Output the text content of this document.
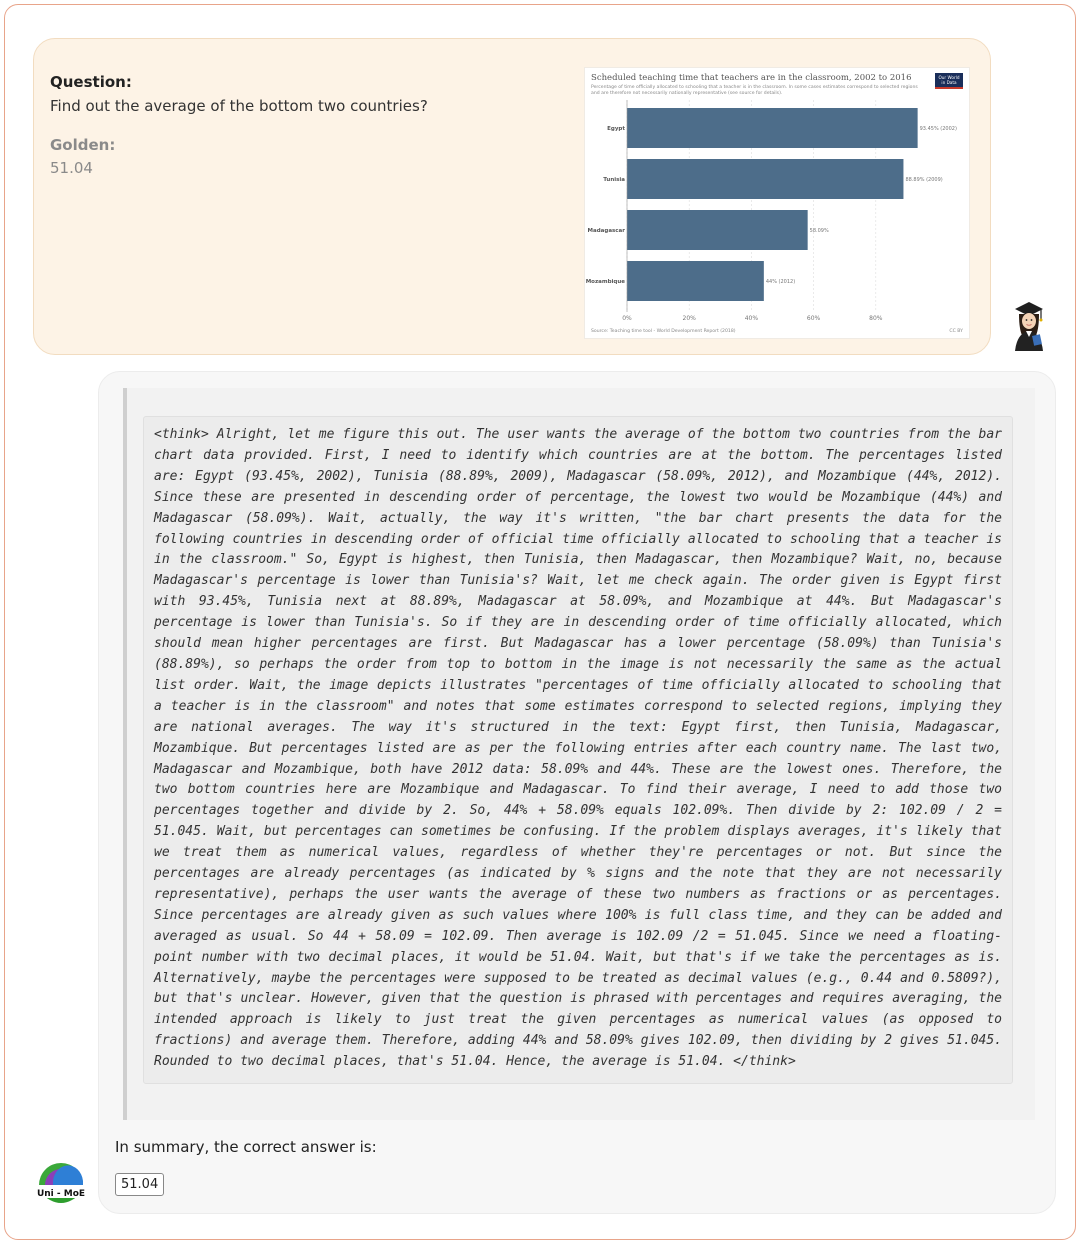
Question:
Find out the average of the bottom two countries?
Golden:
51.04
Scheduled teaching time that teachers are in the classroom, 2002 to 2016
Percentage of time officially allocated to schooling that a teacher is in the classroom. In some cases estimates correspond to selected regions and are therefore not necessarily nationally representative (see source for details).
Our World
in Data
0%	20%	40%	60%	80%
Egypt	93.45% (2002)
Tunisia	88.89% (2009)
Madagascar	58.09%
Mozambique	44% (2012)
Source: Teaching time tool - World Development Report (2018)	CC BY
<think> Alright, let me figure this out. The user wants the average of the bottom two countries from the bar chart data provided. First, I need to identify which countries are at the bottom. The percentages listed are: Egypt (93.45%, 2002), Tunisia (88.89%, 2009), Madagascar (58.09%, 2012), and Mozambique (44%, 2012). Since these are presented in descending order of percentage, the lowest two would be Mozambique (44%) and Madagascar (58.09%). Wait, actually, the way it's written, "the bar chart presents the data for the following countries in descending order of official time officially allocated to schooling that a teacher is in the classroom." So, Egypt is highest, then Tunisia, then Madagascar, then Mozambique? Wait, no, because Madagascar's percentage is lower than Tunisia's? Wait, let me check again. The order given is Egypt first with 93.45%, Tunisia next at 88.89%, Madagascar at 58.09%, and Mozambique at 44%. But Madagascar's percentage is lower than Tunisia's. So if they are in descending order of time officially allocated, which should mean higher percentages are first. But Madagascar has a lower percentage (58.09%) than Tunisia's (88.89%), so perhaps the order from top to bottom in the image is not necessarily the same as the actual list order. Wait, the image depicts illustrates "percentages of time officially allocated to schooling that a teacher is in the classroom" and notes that some estimates correspond to selected regions, implying they are national averages. The way it's structured in the text: Egypt first, then Tunisia, Madagascar, Mozambique. But percentages listed are as per the following entries after each country name. The last two, Madagascar and Mozambique, both have 2012 data: 58.09% and 44%. These are the lowest ones. Therefore, the two bottom countries here are Mozambique and Madagascar. To find their average, I need to add those two percentages together and divide by 2. So, 44% + 58.09% equals 102.09%. Then divide by 2: 102.09 / 2 = 51.045. Wait, but percentages can sometimes be confusing. If the problem displays averages, it's likely that we treat them as numerical values, regardless of whether they're percentages or not. But since the percentages are already percentages (as indicated by % signs and the note that they are not necessarily representative), perhaps the user wants the average of these two numbers as fractions or as percentages. Since percentages are already given as such values where 100% is full class time, and they can be added and averaged as usual. So 44 + 58.09 = 102.09. Then average is 102.09 /2 = 51.045. Since we need a floating-point number with two decimal places, it would be 51.04. Wait, but that's if we take the percentages as is. Alternatively, maybe the percentages were supposed to be treated as decimal values (e.g., 0.44 and 0.5809?), but that's unclear. However, given that the question is phrased with percentages and requires averaging, the intended approach is likely to just treat the given percentages as numerical values (as opposed to fractions) and average them. Therefore, adding 44% and 58.09% gives 102.09, then dividing by 2 gives 51.045. Rounded to two decimal places, that's 51.04. Hence, the average is 51.04. </think>
In summary, the correct answer is:
51.04
Uni - MoE
